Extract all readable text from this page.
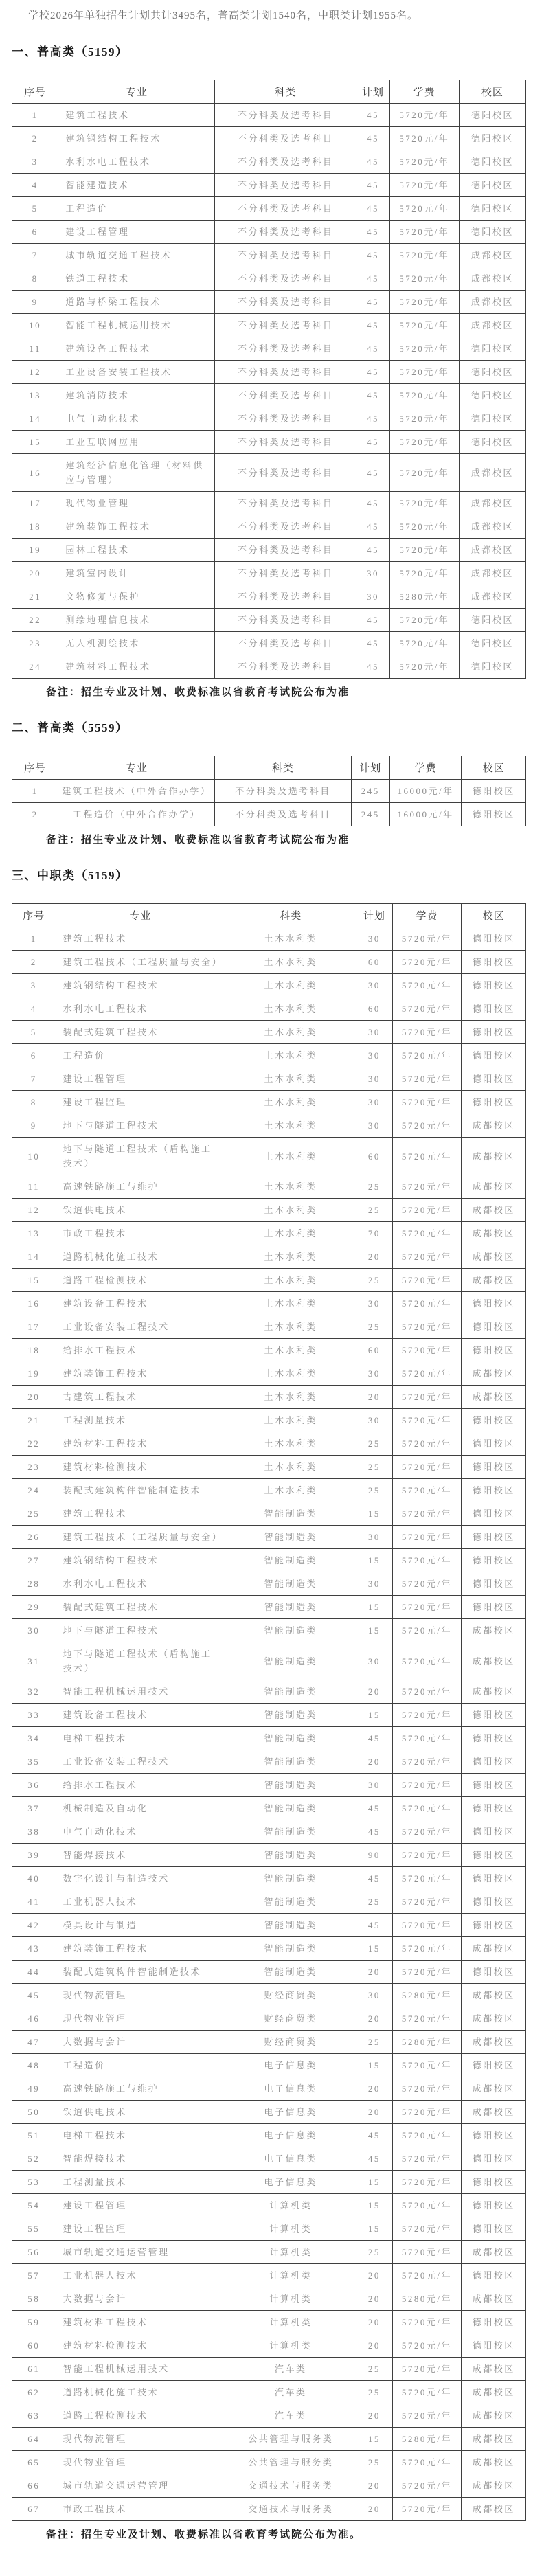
学校2026年单独招生计划共计3495名，普高类计划1540名，中职类计划1955名。

一、普高类（5159）
序号	专业	科类	计划	学费	校区
1	建筑工程技术	不分科类及选考科目	45	5720元/年	德阳校区
2	建筑钢结构工程技术	不分科类及选考科目	45	5720元/年	德阳校区
3	水利水电工程技术	不分科类及选考科目	45	5720元/年	德阳校区
4	智能建造技术	不分科类及选考科目	45	5720元/年	德阳校区
5	工程造价	不分科类及选考科目	45	5720元/年	德阳校区
6	建设工程管理	不分科类及选考科目	45	5720元/年	德阳校区
7	城市轨道交通工程技术	不分科类及选考科目	45	5720元/年	成都校区
8	铁道工程技术	不分科类及选考科目	45	5720元/年	成都校区
9	道路与桥梁工程技术	不分科类及选考科目	45	5720元/年	成都校区
10	智能工程机械运用技术	不分科类及选考科目	45	5720元/年	成都校区
11	建筑设备工程技术	不分科类及选考科目	45	5720元/年	德阳校区
12	工业设备安装工程技术	不分科类及选考科目	45	5720元/年	德阳校区
13	建筑消防技术	不分科类及选考科目	45	5720元/年	德阳校区
14	电气自动化技术	不分科类及选考科目	45	5720元/年	德阳校区
15	工业互联网应用	不分科类及选考科目	45	5720元/年	德阳校区
16	建筑经济信息化管理（材料供应与管理）	不分科类及选考科目	45	5720元/年	成都校区
17	现代物业管理	不分科类及选考科目	45	5720元/年	成都校区
18	建筑装饰工程技术	不分科类及选考科目	45	5720元/年	成都校区
19	园林工程技术	不分科类及选考科目	45	5720元/年	成都校区
20	建筑室内设计	不分科类及选考科目	30	5720元/年	成都校区
21	文物修复与保护	不分科类及选考科目	30	5280元/年	成都校区
22	测绘地理信息技术	不分科类及选考科目	45	5720元/年	德阳校区
23	无人机测绘技术	不分科类及选考科目	45	5720元/年	德阳校区
24	建筑材料工程技术	不分科类及选考科目	45	5720元/年	德阳校区

备注：招生专业及计划、收费标准以省教育考试院公布为准

二、普高类（5559）
序号	专业	科类	计划	学费	校区
1	建筑工程技术（中外合作办学）	不分科类及选考科目	245	16000元/年	德阳校区
2	工程造价（中外合作办学）	不分科类及选考科目	245	16000元/年	德阳校区

备注：招生专业及计划、收费标准以省教育考试院公布为准

三、中职类（5159）
序号	专业	科类	计划	学费	校区
1	建筑工程技术	土木水利类	30	5720元/年	德阳校区
2	建筑工程技术（工程质量与安全）	土木水利类	60	5720元/年	德阳校区
3	建筑钢结构工程技术	土木水利类	30	5720元/年	德阳校区
4	水利水电工程技术	土木水利类	60	5720元/年	德阳校区
5	装配式建筑工程技术	土木水利类	30	5720元/年	德阳校区
6	工程造价	土木水利类	30	5720元/年	德阳校区
7	建设工程管理	土木水利类	30	5720元/年	德阳校区
8	建设工程监理	土木水利类	30	5720元/年	德阳校区
9	地下与隧道工程技术	土木水利类	30	5720元/年	成都校区
10	地下与隧道工程技术（盾构施工技术）	土木水利类	60	5720元/年	成都校区
11	高速铁路施工与维护	土木水利类	25	5720元/年	成都校区
12	铁道供电技术	土木水利类	25	5720元/年	成都校区
13	市政工程技术	土木水利类	70	5720元/年	成都校区
14	道路机械化施工技术	土木水利类	20	5720元/年	成都校区
15	道路工程检测技术	土木水利类	25	5720元/年	成都校区
16	建筑设备工程技术	土木水利类	30	5720元/年	德阳校区
17	工业设备安装工程技术	土木水利类	25	5720元/年	德阳校区
18	给排水工程技术	土木水利类	60	5720元/年	德阳校区
19	建筑装饰工程技术	土木水利类	30	5720元/年	成都校区
20	古建筑工程技术	土木水利类	20	5720元/年	成都校区
21	工程测量技术	土木水利类	30	5720元/年	德阳校区
22	建筑材料工程技术	土木水利类	25	5720元/年	德阳校区
23	建筑材料检测技术	土木水利类	25	5720元/年	德阳校区
24	装配式建筑构件智能制造技术	土木水利类	25	5720元/年	德阳校区
25	建筑工程技术	智能制造类	15	5720元/年	德阳校区
26	建筑工程技术（工程质量与安全）	智能制造类	30	5720元/年	德阳校区
27	建筑钢结构工程技术	智能制造类	15	5720元/年	德阳校区
28	水利水电工程技术	智能制造类	30	5720元/年	德阳校区
29	装配式建筑工程技术	智能制造类	15	5720元/年	德阳校区
30	地下与隧道工程技术	智能制造类	15	5720元/年	成都校区
31	地下与隧道工程技术（盾构施工技术）	智能制造类	30	5720元/年	成都校区
32	智能工程机械运用技术	智能制造类	20	5720元/年	成都校区
33	建筑设备工程技术	智能制造类	15	5720元/年	德阳校区
34	电梯工程技术	智能制造类	45	5720元/年	德阳校区
35	工业设备安装工程技术	智能制造类	20	5720元/年	德阳校区
36	给排水工程技术	智能制造类	30	5720元/年	德阳校区
37	机械制造及自动化	智能制造类	45	5720元/年	德阳校区
38	电气自动化技术	智能制造类	45	5720元/年	德阳校区
39	智能焊接技术	智能制造类	90	5720元/年	德阳校区
40	数字化设计与制造技术	智能制造类	45	5720元/年	德阳校区
41	工业机器人技术	智能制造类	25	5720元/年	德阳校区
42	模具设计与制造	智能制造类	45	5720元/年	德阳校区
43	建筑装饰工程技术	智能制造类	15	5720元/年	成都校区
44	装配式建筑构件智能制造技术	智能制造类	20	5720元/年	德阳校区
45	现代物流管理	财经商贸类	30	5280元/年	成都校区
46	现代物业管理	财经商贸类	20	5720元/年	成都校区
47	大数据与会计	财经商贸类	25	5280元/年	成都校区
48	工程造价	电子信息类	15	5720元/年	德阳校区
49	高速铁路施工与维护	电子信息类	20	5720元/年	成都校区
50	铁道供电技术	电子信息类	20	5720元/年	成都校区
51	电梯工程技术	电子信息类	45	5720元/年	德阳校区
52	智能焊接技术	电子信息类	45	5720元/年	德阳校区
53	工程测量技术	电子信息类	15	5720元/年	德阳校区
54	建设工程管理	计算机类	15	5720元/年	德阳校区
55	建设工程监理	计算机类	15	5720元/年	德阳校区
56	城市轨道交通运营管理	计算机类	25	5720元/年	成都校区
57	工业机器人技术	计算机类	20	5720元/年	德阳校区
58	大数据与会计	计算机类	20	5280元/年	成都校区
59	建筑材料工程技术	计算机类	20	5720元/年	德阳校区
60	建筑材料检测技术	计算机类	20	5720元/年	德阳校区
61	智能工程机械运用技术	汽车类	25	5720元/年	成都校区
62	道路机械化施工技术	汽车类	25	5720元/年	成都校区
63	道路工程检测技术	汽车类	20	5720元/年	成都校区
64	现代物流管理	公共管理与服务类	15	5280元/年	成都校区
65	现代物业管理	公共管理与服务类	25	5720元/年	成都校区
66	城市轨道交通运营管理	交通技术与服务类	20	5720元/年	成都校区
67	市政工程技术	交通技术与服务类	20	5720元/年	成都校区

备注：招生专业及计划、收费标准以省教育考试院公布为准。
